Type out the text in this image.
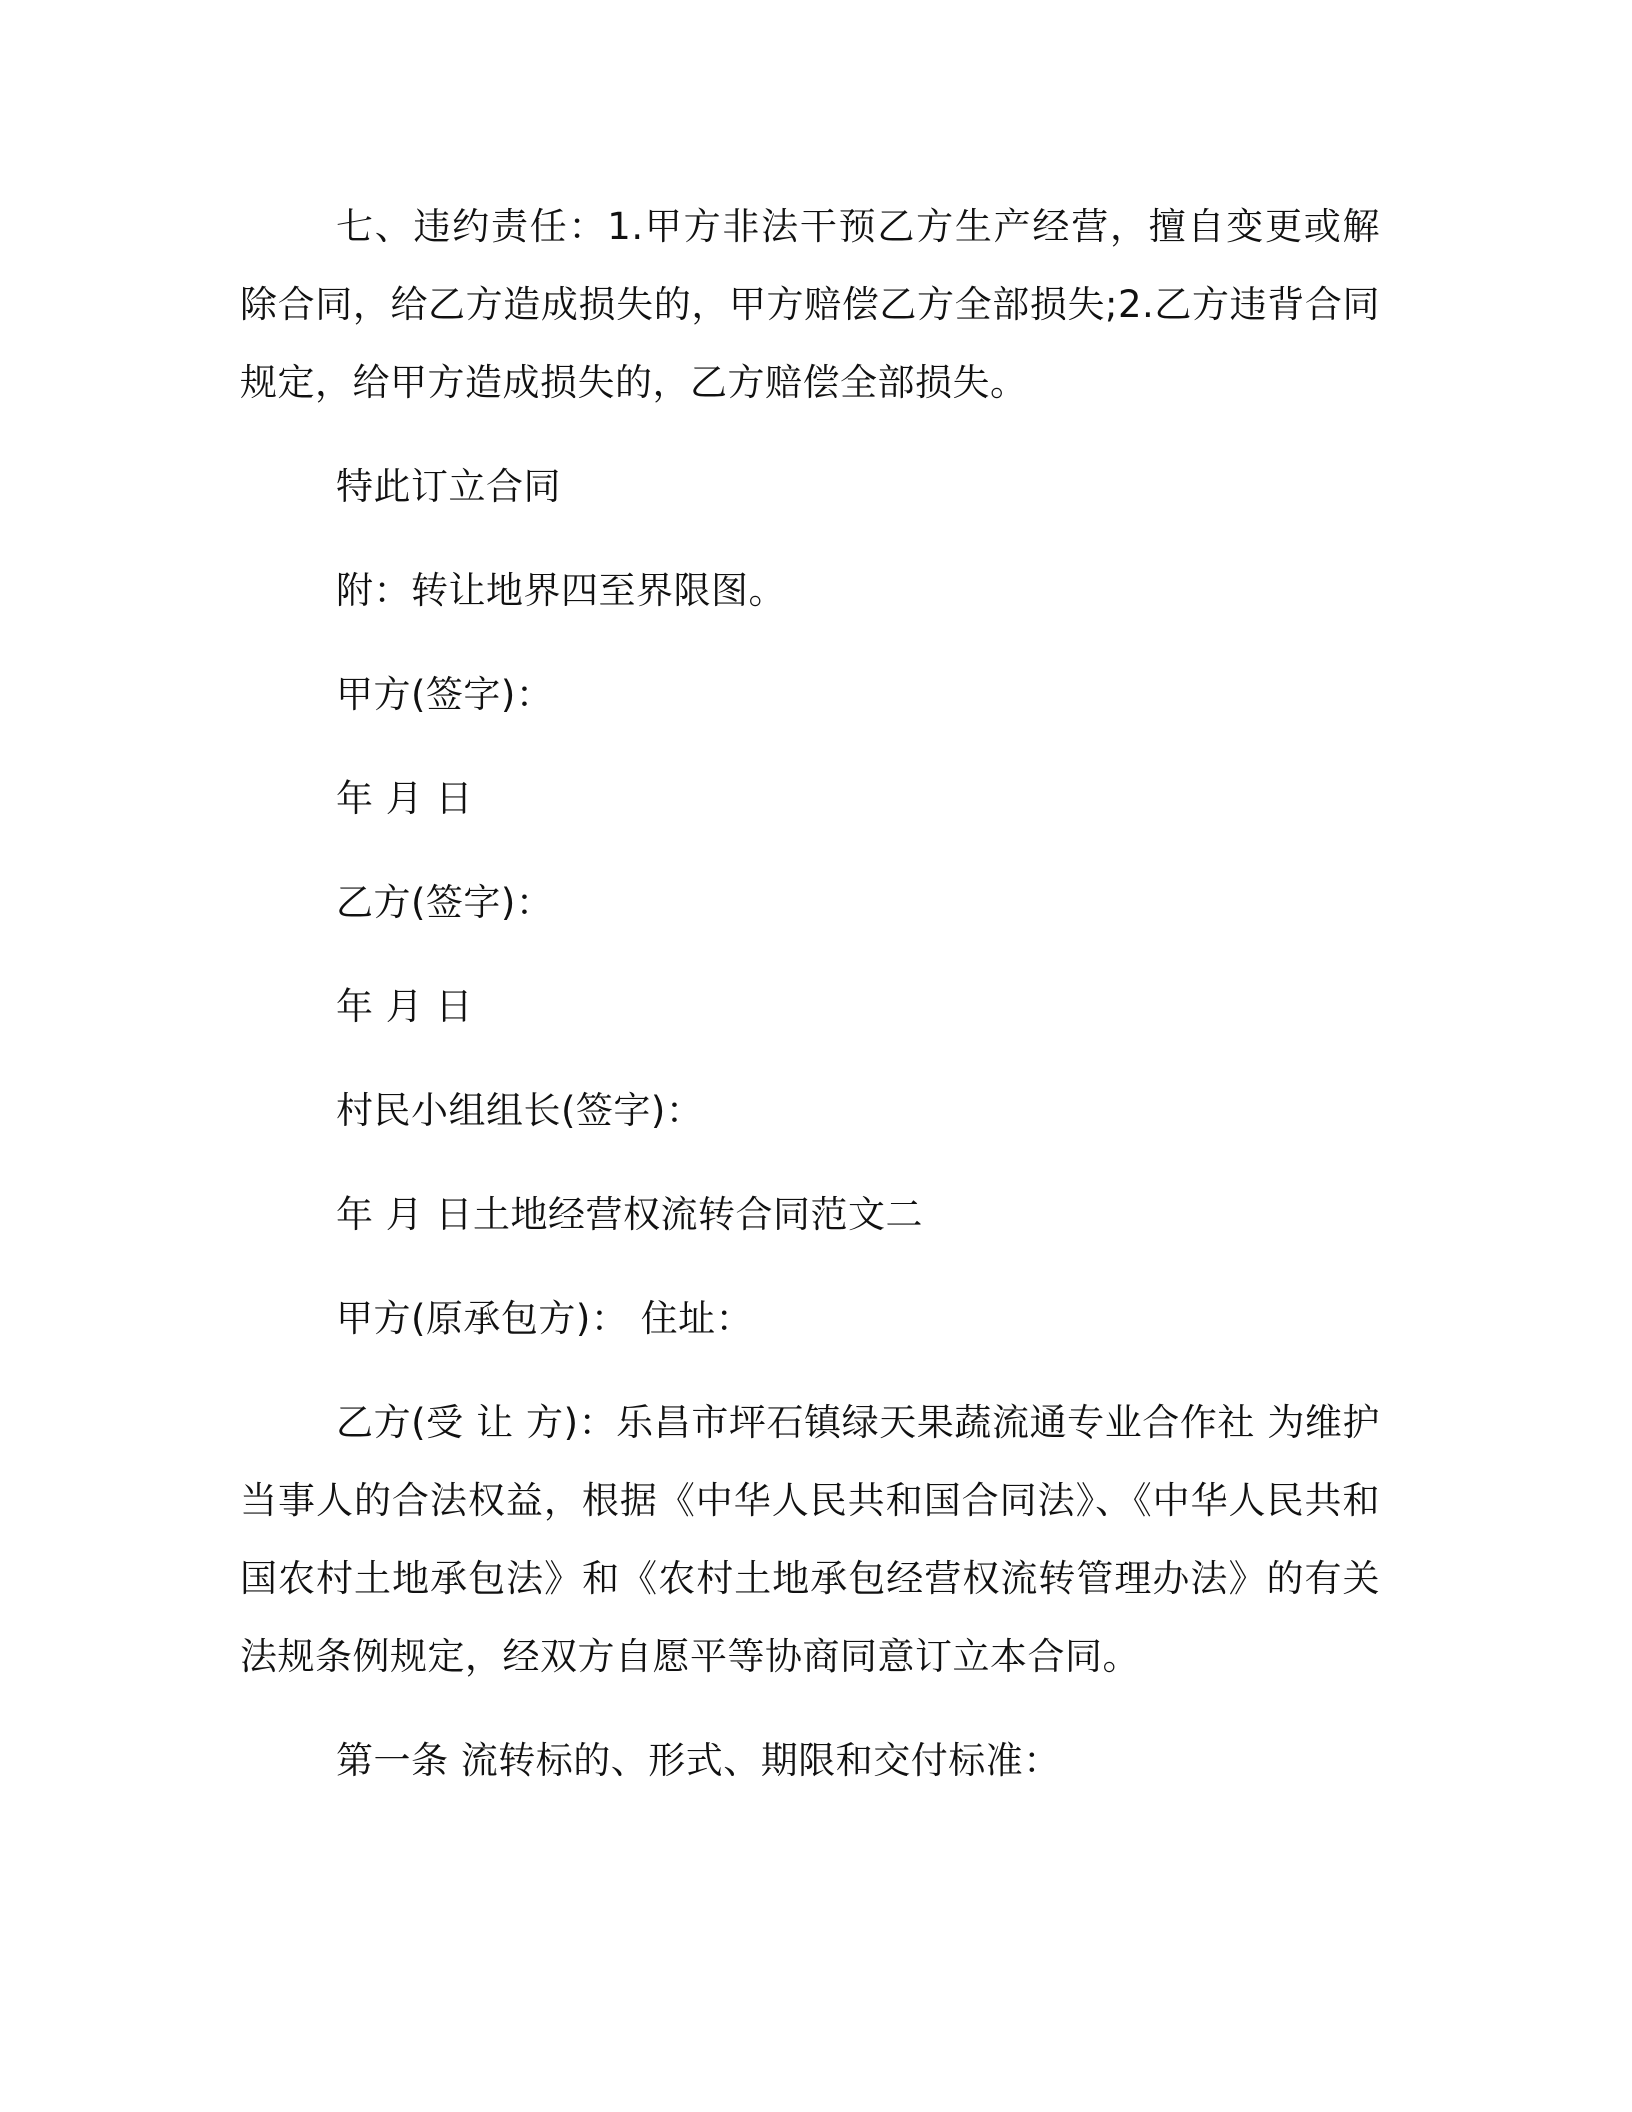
七、违约责任：1.甲方非法干预乙方生产经营，擅自变更或解除合同，给乙方造成损失的，甲方赔偿乙方全部损失;2.乙方违背合同规定，给甲方造成损失的，乙方赔偿全部损失。

特此订立合同

附：转让地界四至界限图。

甲方(签字)：

年 月 日

乙方(签字)：

年 月 日

村民小组组长(签字)：

年 月 日土地经营权流转合同范文二

甲方(原承包方)： 住址：

乙方(受 让 方)：乐昌市坪石镇绿天果蔬流通专业合作社 为维护当事人的合法权益，根据《中华人民共和国合同法》、《中华人民共和国农村土地承包法》和《农村土地承包经营权流转管理办法》的有关法规条例规定，经双方自愿平等协商同意订立本合同。

第一条 流转标的、形式、期限和交付标准：
